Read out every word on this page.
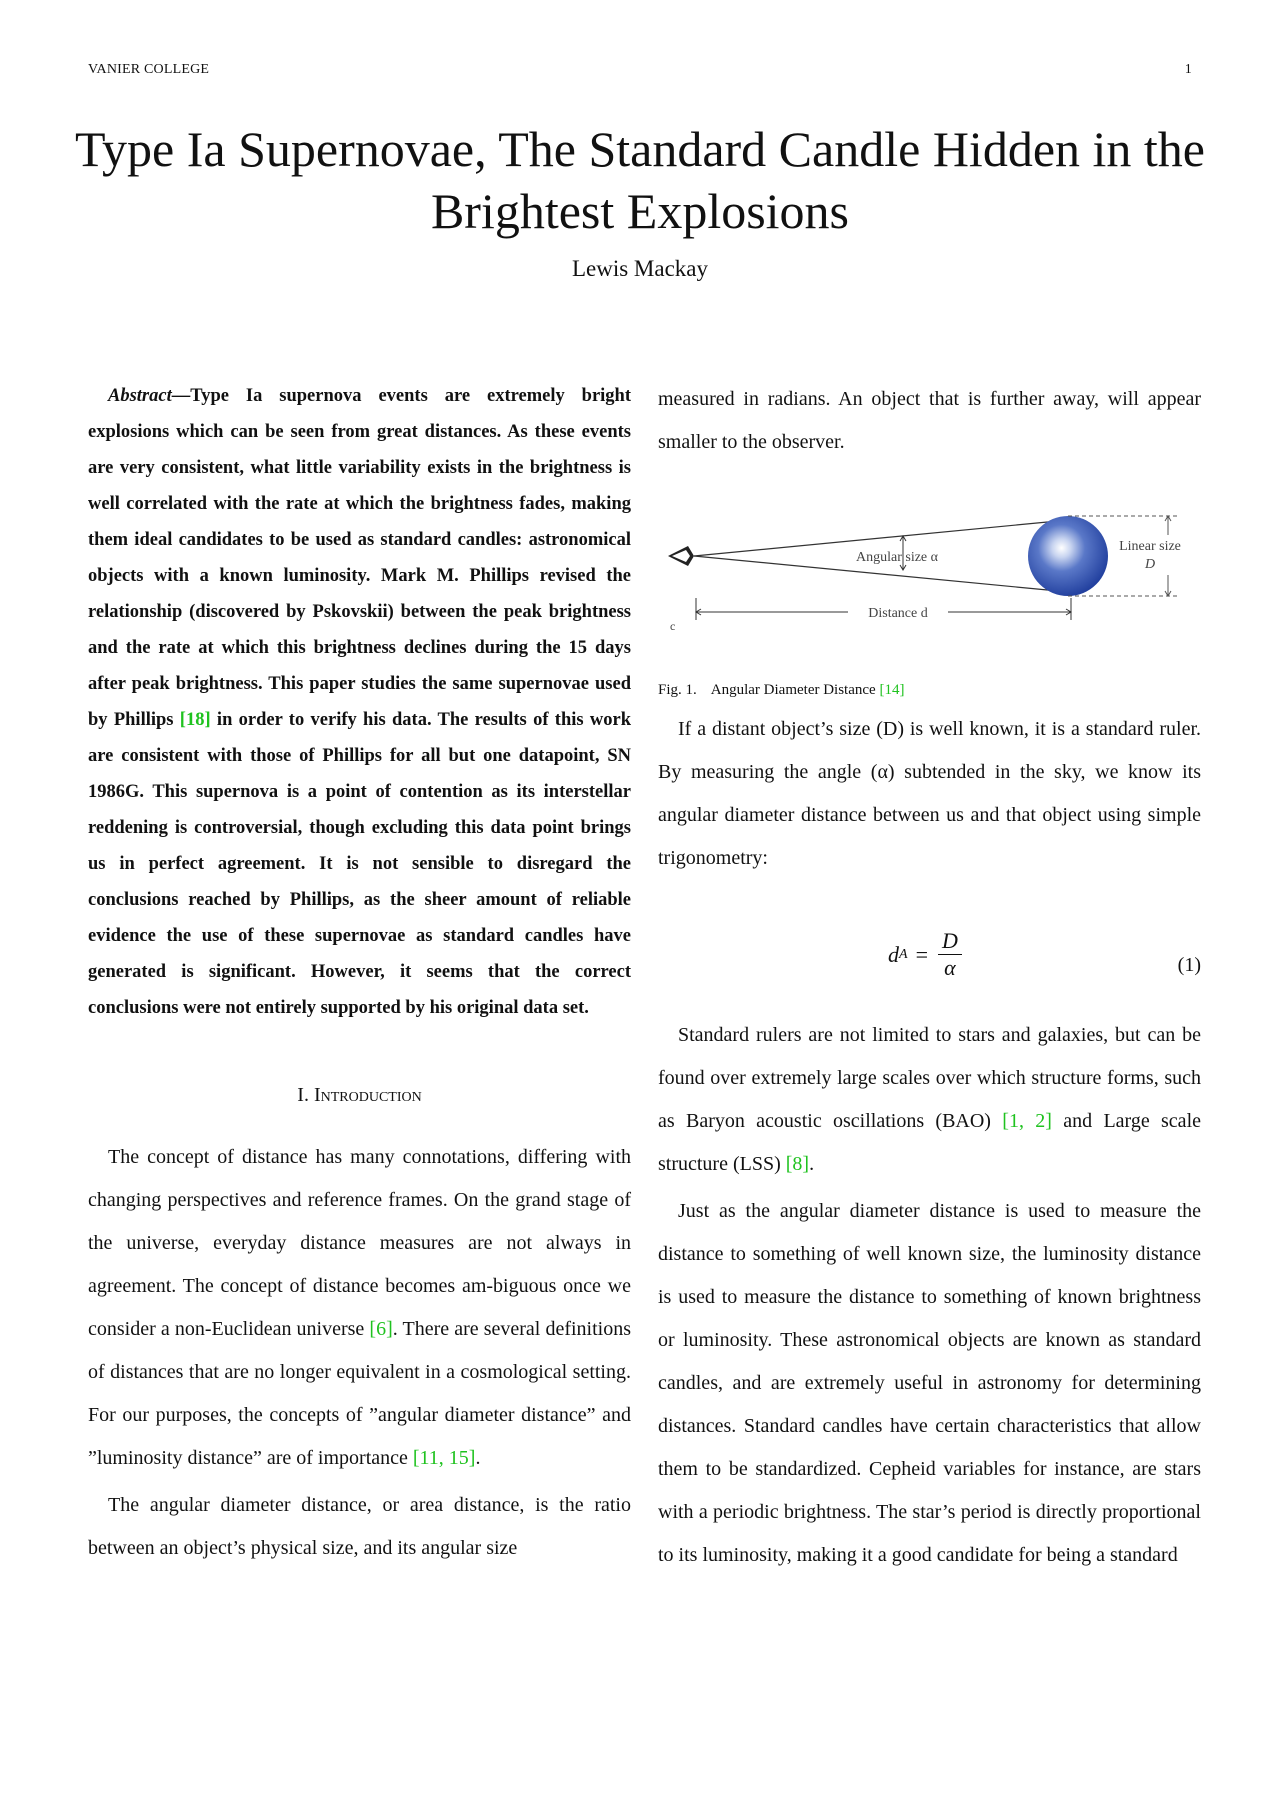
VANIER COLLEGE	1
Type Ia Supernovae, The Standard Candle Hidden in the Brightest Explosions
Lewis Mackay

Abstract—Type Ia supernova events are extremely bright explosions which can be seen from great distances. As these events are very consistent, what little variability exists in the brightness is well correlated with the rate at which the brightness fades, making them ideal candidates to be used as standard candles: astronomical objects with a known luminosity. Mark M. Phillips revised the relationship (discovered by Pskovskii) between the peak brightness and the rate at which this brightness declines during the 15 days after peak brightness. This paper studies the same supernovae used by Phillips [18] in order to verify his data. The results of this work are consistent with those of Phillips for all but one datapoint, SN 1986G. This supernova is a point of contention as its interstellar reddening is controversial, though excluding this data point brings us in perfect agreement. It is not sensible to disregard the conclusions reached by Phillips, as the sheer amount of reliable evidence the use of these supernovae as standard candles have generated is significant. However, it seems that the correct conclusions were not entirely supported by his original data set.

I. Introduction

The concept of distance has many connotations, differing with changing perspectives and reference frames. On the grand stage of the universe, everyday distance measures are not always in agreement. The concept of distance becomes am-biguous once we consider a non-Euclidean universe [6]. There are several definitions of distances that are no longer equivalent in a cosmological setting. For our purposes, the concepts of ”angular diameter distance” and ”luminosity distance” are of importance [11, 15].

The angular diameter distance, or area distance, is the ratio between an object’s physical size, and its angular size

measured in radians. An object that is further away, will appear smaller to the observer.

Angular size α
Linear size
D
Distance d
c
Fig. 1. Angular Diameter Distance [14]

If a distant object’s size (D) is well known, it is a standard ruler. By measuring the angle (α) subtended in the sky, we know its angular diameter distance between us and that object using simple trigonometry:

d $A = \frac{D}{\alpha}$	(1)

Standard rulers are not limited to stars and galaxies, but can be found over extremely large scales over which structure forms, such as Baryon acoustic oscillations (BAO) [1, 2] and Large scale structure (LSS) [8].

Just as the angular diameter distance is used to measure the distance to something of well known size, the luminosity distance is used to measure the distance to something of known brightness or luminosity. These astronomical objects are known as standard candles, and are extremely useful in astronomy for determining distances. Standard candles have certain characteristics that allow them to be standardized. Cepheid variables for instance, are stars with a periodic brightness. The star’s period is directly proportional to its luminosity, making it a good candidate for being a standard
